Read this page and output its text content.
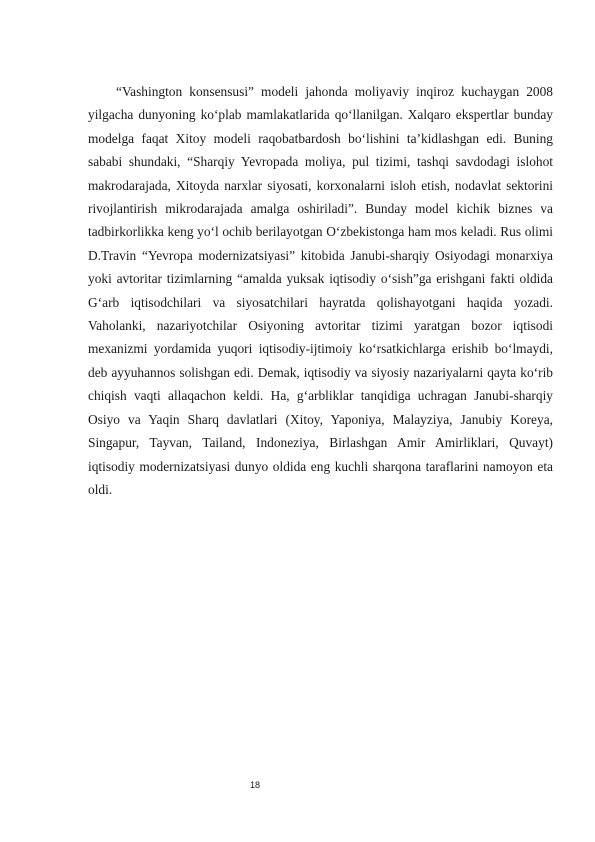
“Vashington konsensusi” modeli jahonda moliyaviy inqiroz kuchaygan 2008 yilgacha dunyoning ko‘plab mamlakatlarida qo‘llanilgan. Xalqaro ekspertlar bunday modelga faqat Xitoy modeli raqobatbardosh bo‘lishini ta’kidlashgan edi. Buning sababi shundaki, “Sharqiy Yevropada moliya, pul tizimi, tashqi savdodagi islohot makrodarajada, Xitoyda narxlar siyosati, korxonalarni isloh etish, nodavlat sektorini rivojlantirish mikrodarajada amalga oshiriladi”. Bunday model kichik biznes va tadbirkorlikka keng yo‘l ochib berilayotgan O‘zbekistonga ham mos keladi. Rus olimi D.Travin “Yevropa modernizatsiyasi” kitobida Janubi-sharqiy Osiyodagi monarxiya yoki avtoritar tizimlarning “amalda yuksak iqtisodiy o‘sish”ga erishgani fakti oldida G‘arb iqtisodchilari va siyosatchilari hayratda qolishayotgani haqida yozadi. Vaholanki, nazariyotchilar Osiyoning avtoritar tizimi yaratgan bozor iqtisodi mexanizmi yordamida yuqori iqtisodiy-ijtimoiy ko‘rsatkichlarga erishib bo‘lmaydi, deb ayyuhannos solishgan edi. Demak, iqtisodiy va siyosiy nazariyalarni qayta ko‘rib chiqish vaqti allaqachon keldi. Ha, g‘arbliklar tanqidiga uchragan Janubi-sharqiy Osiyo va Yaqin Sharq davlatlari (Xitoy, Yaponiya, Malayziya, Janubiy Koreya, Singapur, Tayvan, Tailand, Indoneziya, Birlashgan Amir Amirliklari, Quvayt) iqtisodiy modernizatsiyasi dunyo oldida eng kuchli sharqona taraflarini namoyon eta oldi.

18
